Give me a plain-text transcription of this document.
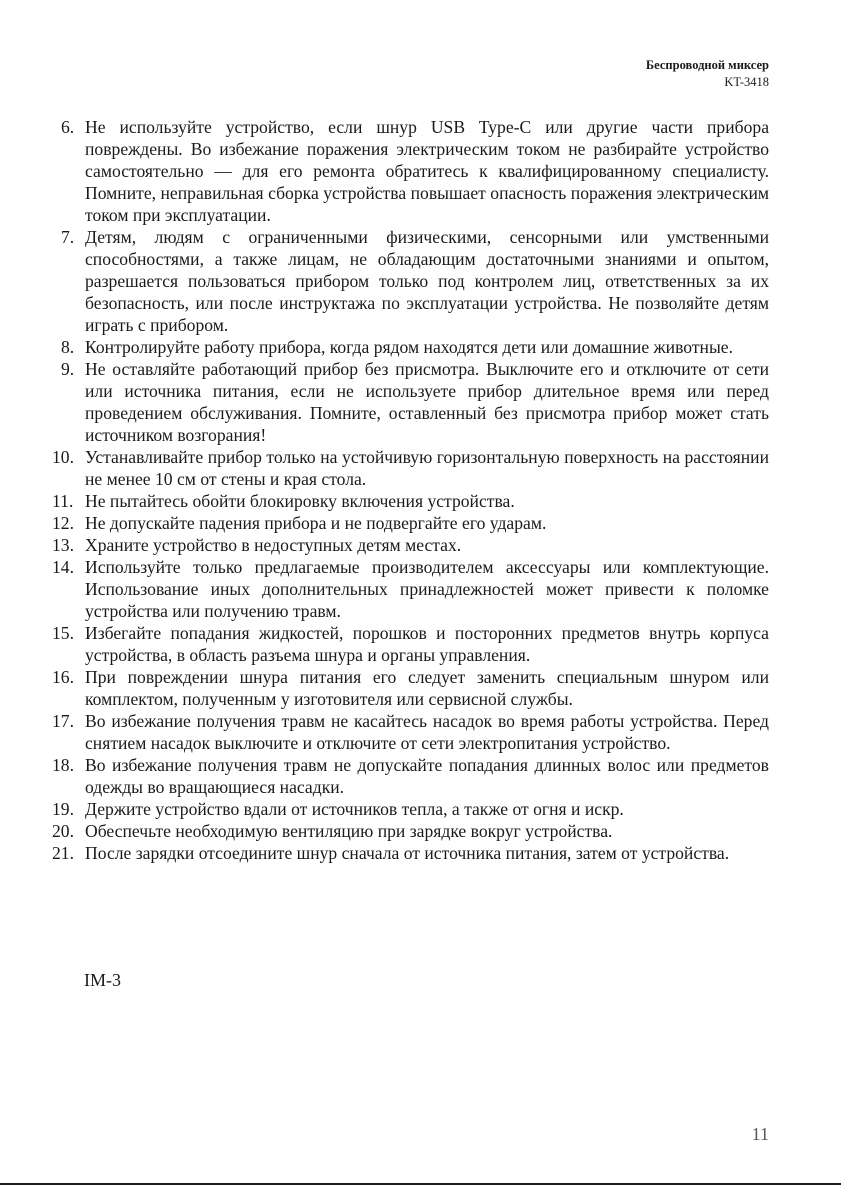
Беспроводной миксер
KT-3418
6. Не используйте устройство, если шнур USB Type-C или другие части прибора повреждены. Во избежание поражения электрическим током не разбирайте устройство самостоятельно — для его ремонта обратитесь к квалифицированному специалисту. Помните, неправильная сборка устройства повышает опасность поражения электрическим током при эксплуатации.
7. Детям, людям с ограниченными физическими, сенсорными или умственными способностями, а также лицам, не обладающим достаточными знаниями и опытом, разрешается пользоваться прибором только под контролем лиц, ответственных за их безопасность, или после инструктажа по эксплуатации устройства. Не позволяйте детям играть с прибором.
8. Контролируйте работу прибора, когда рядом находятся дети или домашние животные.
9. Не оставляйте работающий прибор без присмотра. Выключите его и отключите от сети или источника питания, если не используете прибор длительное время или перед проведением обслуживания. Помните, оставленный без присмотра прибор может стать источником возгорания!
10. Устанавливайте прибор только на устойчивую горизонтальную поверхность на расстоянии не менее 10 см от стены и края стола.
11. Не пытайтесь обойти блокировку включения устройства.
12. Не допускайте падения прибора и не подвергайте его ударам.
13. Храните устройство в недоступных детям местах.
14. Используйте только предлагаемые производителем аксессуары или комплектующие. Использование иных дополнительных принадлежностей может привести к поломке устройства или получению травм.
15. Избегайте попадания жидкостей, порошков и посторонних предметов внутрь корпуса устройства, в область разъема шнура и органы управления.
16. При повреждении шнура питания его следует заменить специальным шнуром или комплектом, полученным у изготовителя или сервисной службы.
17. Во избежание получения травм не касайтесь насадок во время работы устройства. Перед снятием насадок выключите и отключите от сети электропитания устройство.
18. Во избежание получения травм не допускайте попадания длинных волос или предметов одежды во вращающиеся насадки.
19. Держите устройство вдали от источников тепла, а также от огня и искр.
20. Обеспечьте необходимую вентиляцию при зарядке вокруг устройства.
21. После зарядки отсоедините шнур сначала от источника питания, затем от устройства.
IM-3
11
